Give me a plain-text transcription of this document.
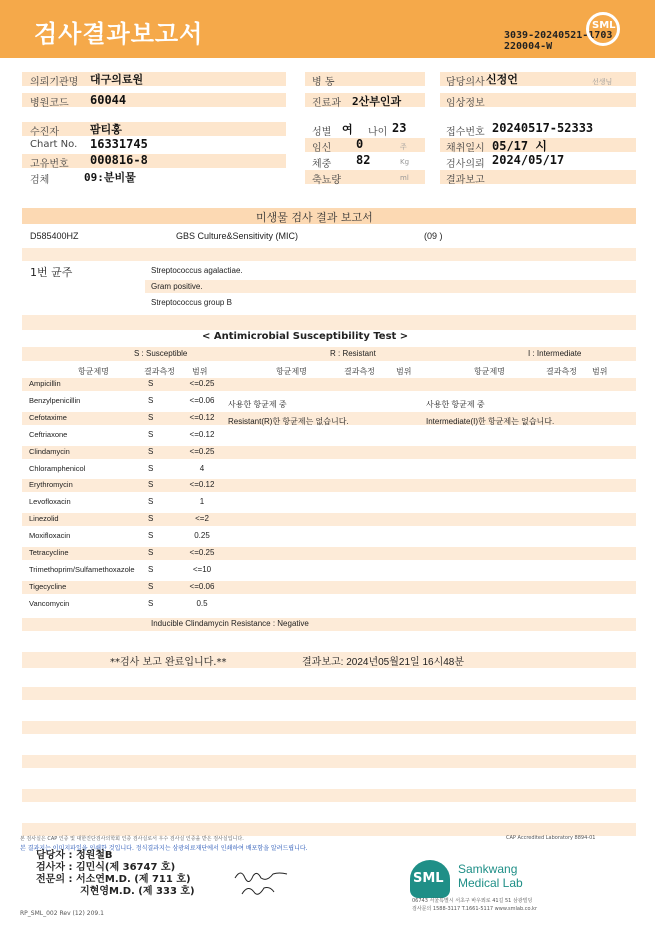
검사결과보고서	3039-20240521-1703
220004-W
SML
의뢰기관명 대구의료원
병원코드 60044
수진자	팜티홍
Chart No. 16331745
고유번호 000816-8
검체	09:분비물
병 동
진료과 2산부인과
성별 여 나이 23
임신 0	주
체중 82	Kg
축뇨량	ml
담당의사 신정언	선생님
임상정보
접수번호 20240517-52333
채취일시 05/17 시
검사의뢰 2024/05/17
결과보고
미생물 검사 결과 보고서
D585400HZ	GBS Culture&Sensitivity (MIC)	(09 )
1번 균주	Streptococcus agalactiae.
Gram positive.
Streptococcus group B
< Antimicrobial Susceptibility Test >
S : Susceptible	R : Resistant	I : Intermediate
항균제명	결과측정 범위	항균제명	결과측정	범위	항균제명	결과측정 범위
Ampicillin	S	<=0.25
Benzylpenicillin	S	<=0.06
Cefotaxime	S	<=0.12
Ceftriaxone	S	<=0.12
Clindamycin	S	<=0.25
Chloramphenicol	S	4
Erythromycin	S	<=0.12
Levofloxacin	S	1
Linezolid	S	<=2
Moxifloxacin	S	0.25
Tetracycline	S	<=0.25
Trimethoprim/Sulfamethoxazole S	<=10
Tigecycline	S	<=0.06
Vancomycin	S	0.5
사용한 항균제 중
Resistant(R)한 항균제는 없습니다.
사용한 항균제 중
Intermediate(I)한 항균제는 없습니다.
Inducible Clindamycin Resistance : Negative
**검사 보고 완료입니다.**	결과보고: 2024년05월21일 16시48분
본 검사실은 CAP 인증 및 대한진단검사의학회 인증 검사실로서 우수 검사실 인증을 받은 검사실입니다.	CAP Accredited Laboratory 8894-01
본 결과지는 이미지파일을 인쇄한 것입니다. 정식결과지는 삼광의료재단에서 인쇄하여 배포함을 알려드립니다.
담당자 : 정원철B
검사자 : 김민식(제 36747 호)
전문의 : 서소연M.D. (제 711 호)
지현영M.D. (제 333 호)
SML
Samkwang
Medical Lab
06743 서울특별시 서초구 바우뫼로 41길 51 삼광빌딩
검사문의 1588-3117 T.1661-5117 www.smlab.co.kr
RP_SML_002 Rev (12) 209.1
